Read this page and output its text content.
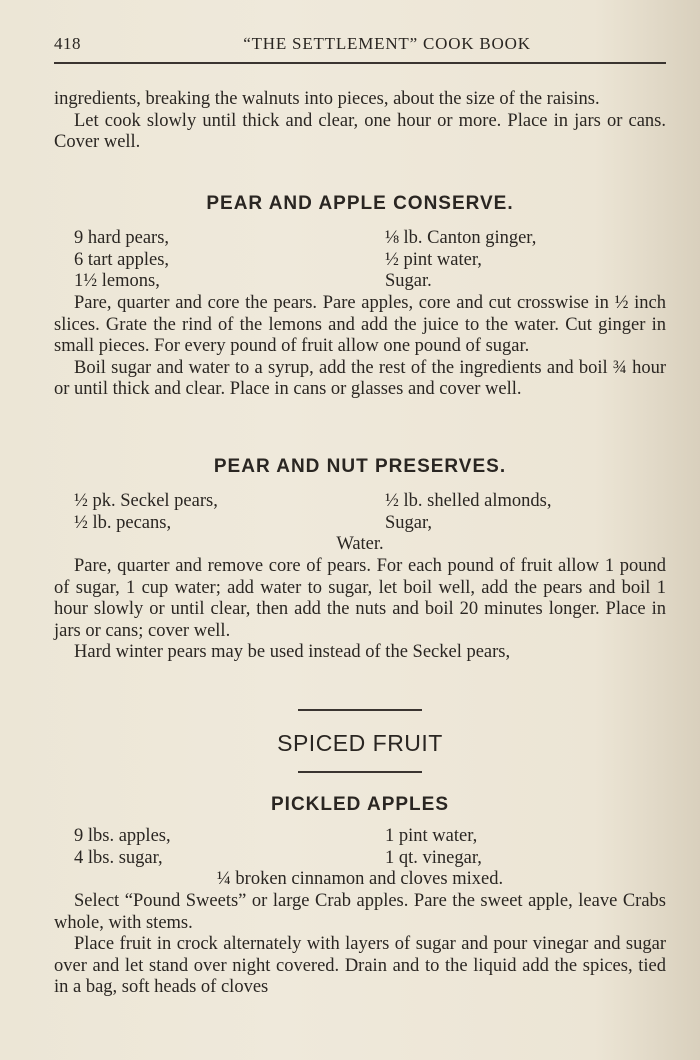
418	“THE SETTLEMENT” COOK BOOK

ingredients, breaking the walnuts into pieces, about the size of the raisins.

Let cook slowly until thick and clear, one hour or more. Place in jars or cans. Cover well.

PEAR AND APPLE CONSERVE.
9 hard pears,	⅛ lb. Canton ginger,
6 tart apples,	½ pint water,
1½ lemons,	Sugar.

Pare, quarter and core the pears. Pare apples, core and cut crosswise in ½ inch slices. Grate the rind of the lemons and add the juice to the water. Cut ginger in small pieces. For every pound of fruit allow one pound of sugar.

Boil sugar and water to a syrup, add the rest of the ingredients and boil ¾ hour or until thick and clear. Place in cans or glasses and cover well.

PEAR AND NUT PRESERVES.
½ pk. Seckel pears,	½ lb. shelled almonds,
½ lb. pecans,	Sugar,
Water.

Pare, quarter and remove core of pears. For each pound of fruit allow 1 pound of sugar, 1 cup water; add water to sugar, let boil well, add the pears and boil 1 hour slowly or until clear, then add the nuts and boil 20 minutes longer. Place in jars or cans; cover well.

Hard winter pears may be used instead of the Seckel pears,

SPICED FRUIT
PICKLED APPLES
9 lbs. apples,	1 pint water,
4 lbs. sugar,	1 qt. vinegar,
¼ broken cinnamon and cloves mixed.

Select “Pound Sweets” or large Crab apples. Pare the sweet apple, leave Crabs whole, with stems.

Place fruit in crock alternately with layers of sugar and pour vinegar and sugar over and let stand over night covered. Drain and to the liquid add the spices, tied in a bag, soft heads of cloves
